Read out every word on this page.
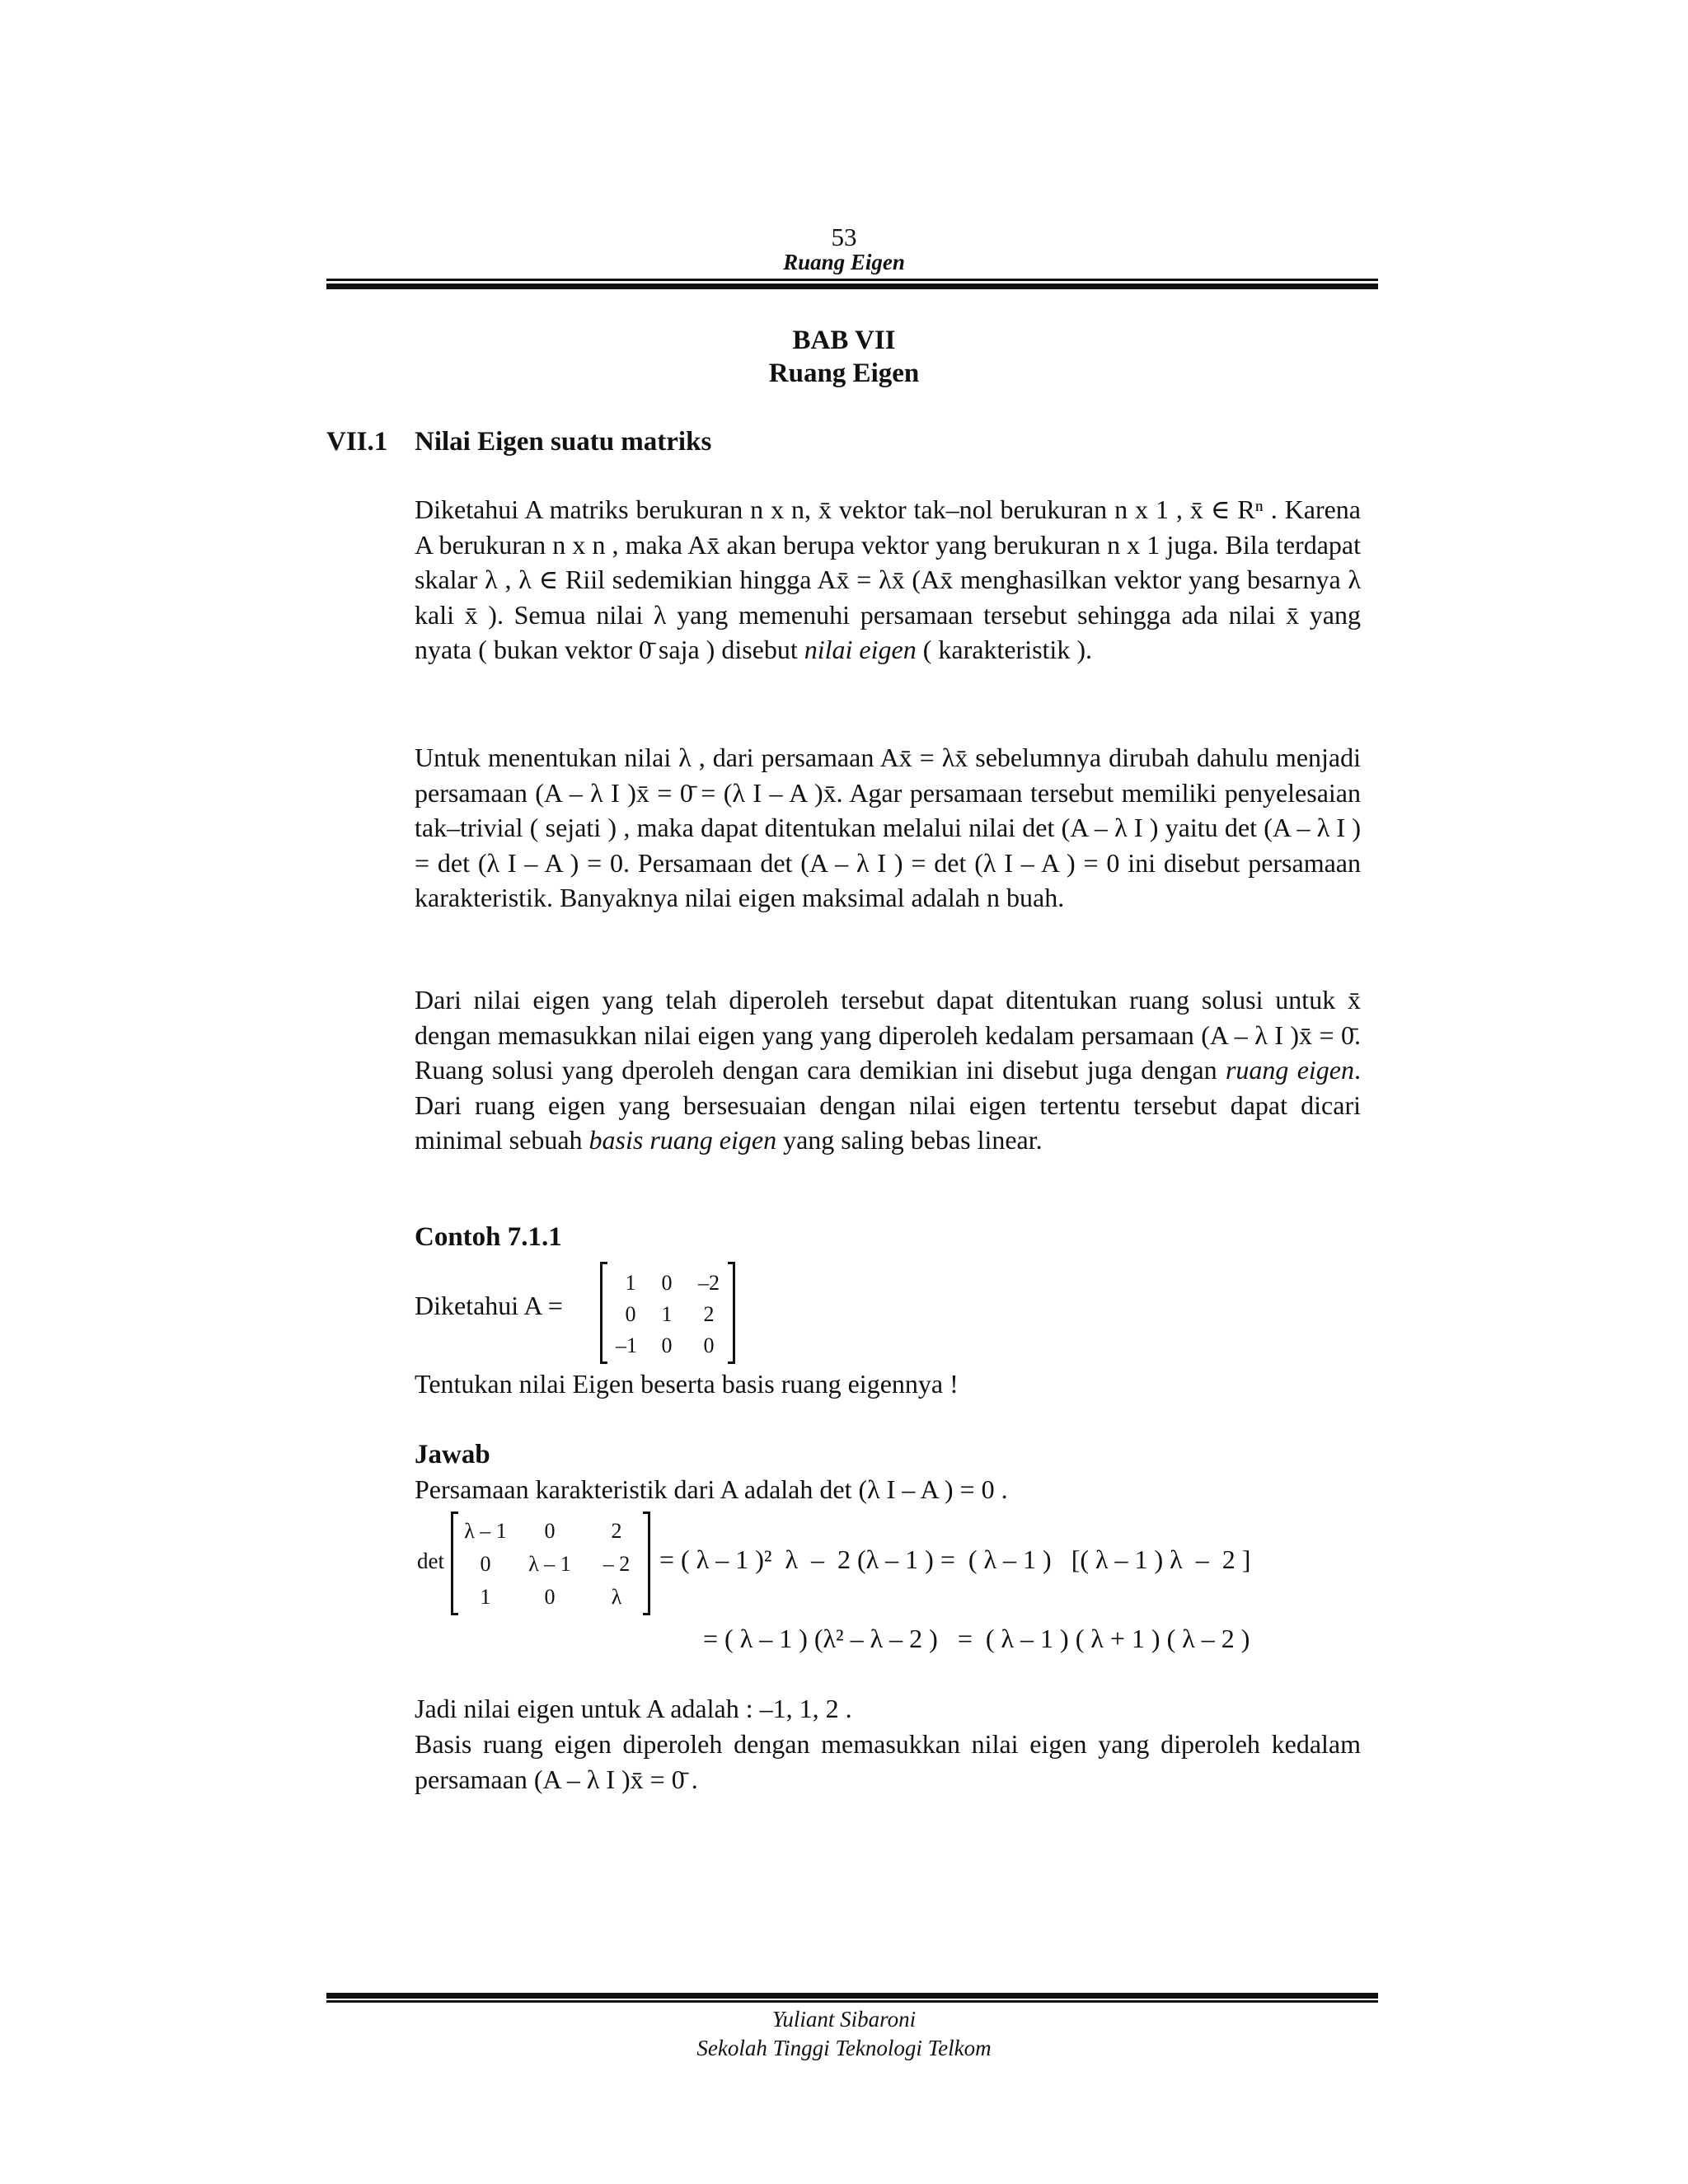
53
Ruang Eigen
BAB VII
Ruang Eigen
VII.1 Nilai Eigen suatu matriks
Diketahui A matriks berukuran n x n, x̄ vektor tak–nol berukuran n x 1 , x̄ ∈ Rⁿ . Karena A berukuran n x n , maka Ax̄ akan berupa vektor yang berukuran n x 1 juga. Bila terdapat skalar λ , λ ∈ Riil sedemikian hingga Ax̄ = λx̄ (Ax̄ menghasilkan vektor yang besarnya λ kali x̄ ). Semua nilai λ yang memenuhi persamaan tersebut sehingga ada nilai x̄ yang nyata ( bukan vektor 0̄ saja ) disebut nilai eigen ( karakteristik ).
Untuk menentukan nilai λ , dari persamaan Ax̄ = λx̄ sebelumnya dirubah dahulu menjadi persamaan (A – λ I )x̄ = 0̄ = (λ I – A )x̄. Agar persamaan tersebut memiliki penyelesaian tak–trivial ( sejati ) , maka dapat ditentukan melalui nilai det (A – λ I ) yaitu det (A – λ I ) = det (λ I – A ) = 0. Persamaan det (A – λ I ) = det (λ I – A ) = 0 ini disebut persamaan karakteristik. Banyaknya nilai eigen maksimal adalah n buah.
Dari nilai eigen yang telah diperoleh tersebut dapat ditentukan ruang solusi untuk x̄ dengan memasukkan nilai eigen yang yang diperoleh kedalam persamaan (A – λ I )x̄ = 0̄. Ruang solusi yang dperoleh dengan cara demikian ini disebut juga dengan ruang eigen. Dari ruang eigen yang bersesuaian dengan nilai eigen tertentu tersebut dapat dicari minimal sebuah basis ruang eigen yang saling bebas linear.
Contoh 7.1.1
Diketahui A =
1	0	–2
0	1	2
–1	0	0
Tentukan nilai Eigen beserta basis ruang eigennya !
Jawab
Persamaan karakteristik dari A adalah det (λ I – A ) = 0 .
det
λ – 1	0	2
0	λ – 1	– 2
1	0	λ
= ( λ – 1 )²  λ  –  2 (λ – 1 ) =  ( λ – 1 )   [( λ – 1 ) λ  –  2 ]
= ( λ – 1 ) (λ² – λ – 2 )   =  ( λ – 1 ) ( λ + 1 ) ( λ – 2 )
Jadi nilai eigen untuk A adalah : –1, 1, 2 .
Basis ruang eigen diperoleh dengan memasukkan nilai eigen yang diperoleh kedalam persamaan (A – λ I )x̄ = 0̄ .
Yuliant Sibaroni
Sekolah Tinggi Teknologi Telkom
